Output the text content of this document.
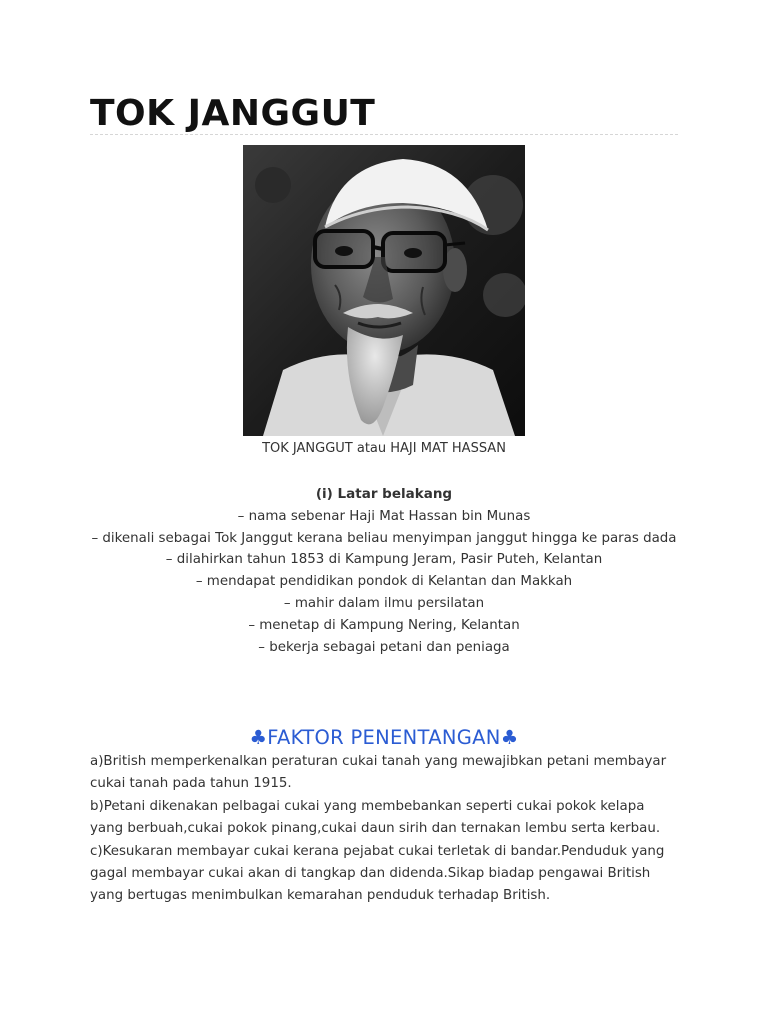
TOK JANGGUT
TOK JANGGUT atau HAJI MAT HASSAN
(i) Latar belakang
– nama sebenar Haji Mat Hassan bin Munas
– dikenali sebagai Tok Janggut kerana beliau menyimpan janggut hingga ke paras dada
– dilahirkan tahun 1853 di Kampung Jeram, Pasir Puteh, Kelantan
– mendapat pendidikan pondok di Kelantan dan Makkah
– mahir dalam ilmu persilatan
– menetap di Kampung Nering, Kelantan
– bekerja sebagai petani dan peniaga
♣FAKTOR PENENTANGAN♣

a)British memperkenalkan peraturan cukai tanah yang mewajibkan petani membayar cukai tanah pada tahun 1915.

b)Petani dikenakan pelbagai cukai yang membebankan seperti cukai pokok kelapa yang berbuah,cukai pokok pinang,cukai daun sirih dan ternakan lembu serta kerbau.

c)Kesukaran membayar cukai kerana pejabat cukai terletak di bandar.Penduduk yang gagal membayar cukai akan di tangkap dan didenda.Sikap biadap pengawai British yang bertugas menimbulkan kemarahan penduduk terhadap British.
